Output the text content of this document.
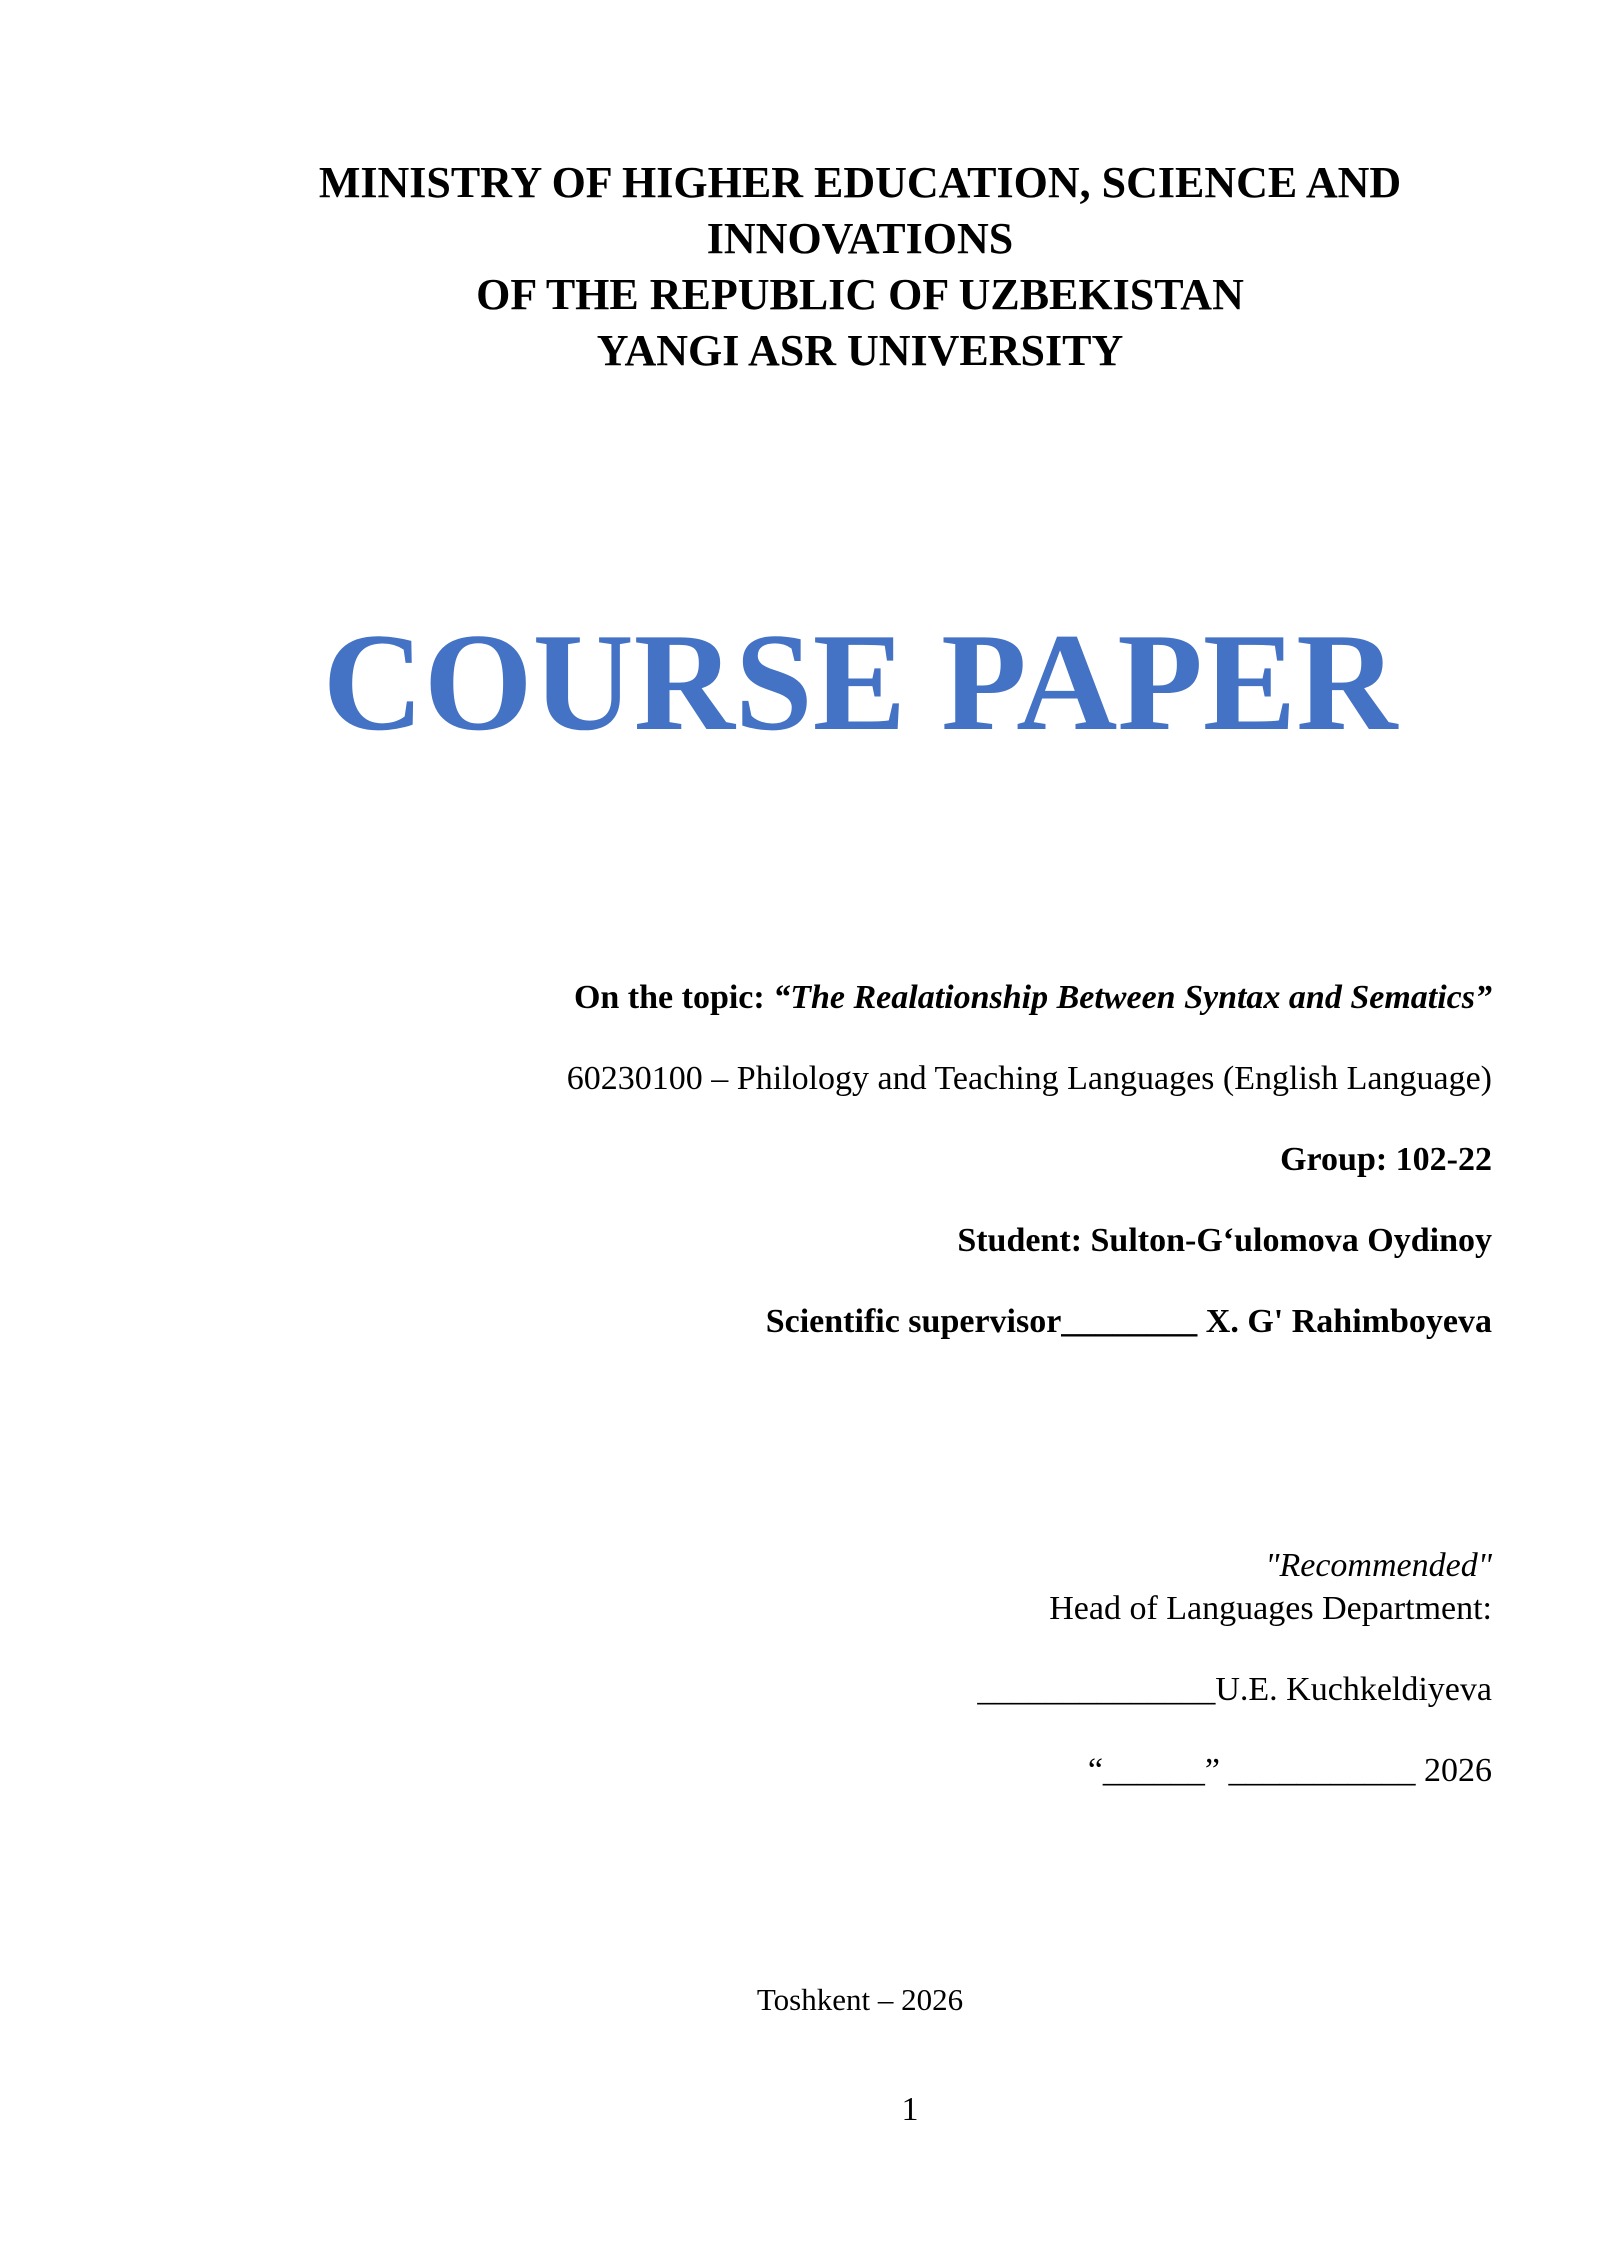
MINISTRY OF HIGHER EDUCATION, SCIENCE AND
INNOVATIONS
OF THE REPUBLIC OF UZBEKISTAN
YANGI ASR UNIVERSITY
COURSE PAPER
On the topic: “The Realationship Between Syntax and Sematics”
60230100 – Philology and Teaching Languages (English Language)
Group: 102-22
Student: Sulton-G‘ulomova Oydinoy
Scientific supervisor________ X. G' Rahimboyeva
"Recommended"
Head of Languages Department:
______________U.E. Kuchkeldiyeva
“______” ___________ 2026
Toshkent – 2026
1
